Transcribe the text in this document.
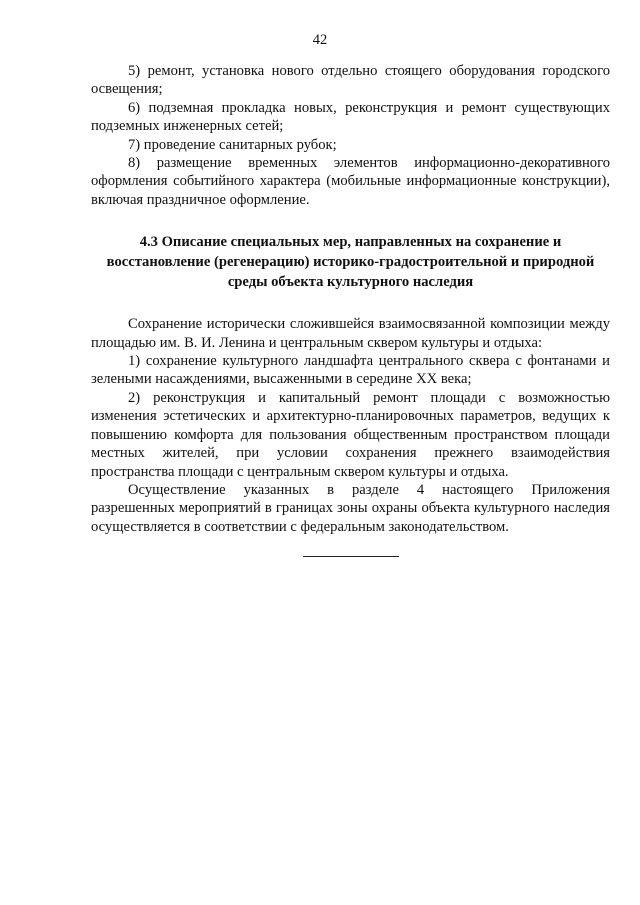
42

5) ремонт, установка нового отдельно стоящего оборудования городского освещения;

6) подземная прокладка новых, реконструкция и ремонт существующих подземных инженерных сетей;

7) проведение санитарных рубок;

8) размещение временных элементов информационно-декоративного оформления событийного характера (мобильные информационные конструкции), включая праздничное оформление.

4.3 Описание специальных мер, направленных на сохранение и
восстановление (регенерацию) историко-градостроительной и природной
среды объекта культурного наследия

Сохранение исторически сложившейся взаимосвязанной композиции между площадью им. В. И. Ленина и центральным сквером культуры и отдыха:

1) сохранение культурного ландшафта центрального сквера с фонтанами и зелеными насаждениями, высаженными в середине XX века;

2) реконструкция и капитальный ремонт площади с возможностью изменения эстетических и архитектурно-планировочных параметров, ведущих к повышению комфорта для пользования общественным пространством площади местных жителей, при условии сохранения прежнего взаимодействия пространства площади с центральным сквером культуры и отдыха.

Осуществление указанных в разделе 4 настоящего Приложения разрешенных мероприятий в границах зоны охраны объекта культурного наследия осуществляется в соответствии с федеральным законодательством.
